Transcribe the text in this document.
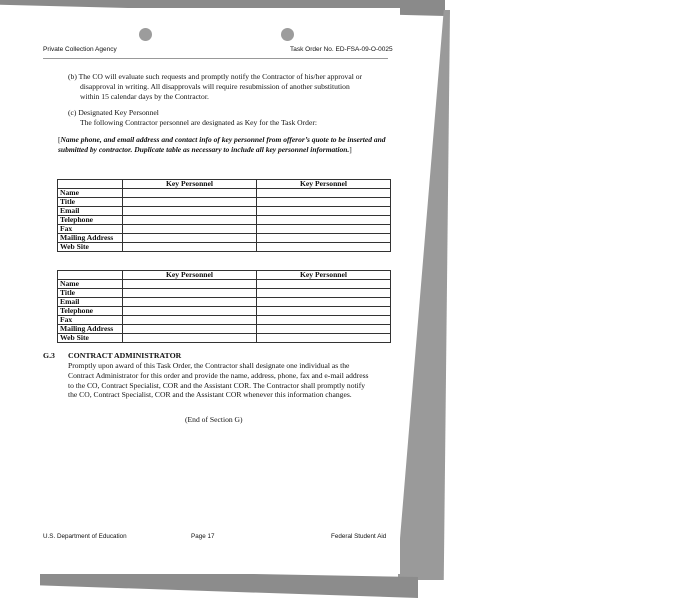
Private Collection Agency	Task Order No. ED-FSA-09-O-0025
(b) The CO will evaluate such requests and promptly notify the Contractor of his/her approval or
disapproval in writing. All disapprovals will require resubmission of another substitution
within 15 calendar days by the Contractor.
(c) Designated Key Personnel
The following Contractor personnel are designated as Key for the Task Order:
[Name phone, and email address and contact info of key personnel from offeror’s quote to be inserted and submitted by contractor. Duplicate table as necessary to include all key personnel information.]
	Key Personnel	Key Personnel
Name		
Title		
Email		
Telephone		
Fax		
Mailing Address		
Web Site		
	Key Personnel	Key Personnel
Name		
Title		
Email		
Telephone		
Fax		
Mailing Address		
Web Site		
G.3 CONTRACT ADMINISTRATOR
Promptly upon award of this Task Order, the Contractor shall designate one individual as the
Contract Administrator for this order and provide the name, address, phone, fax and e-mail address
to the CO, Contract Specialist, COR and the Assistant COR. The Contractor shall promptly notify
the CO, Contract Specialist, COR and the Assistant COR whenever this information changes.
(End of Section G)
U.S. Department of Education	Page 17	Federal Student Aid
